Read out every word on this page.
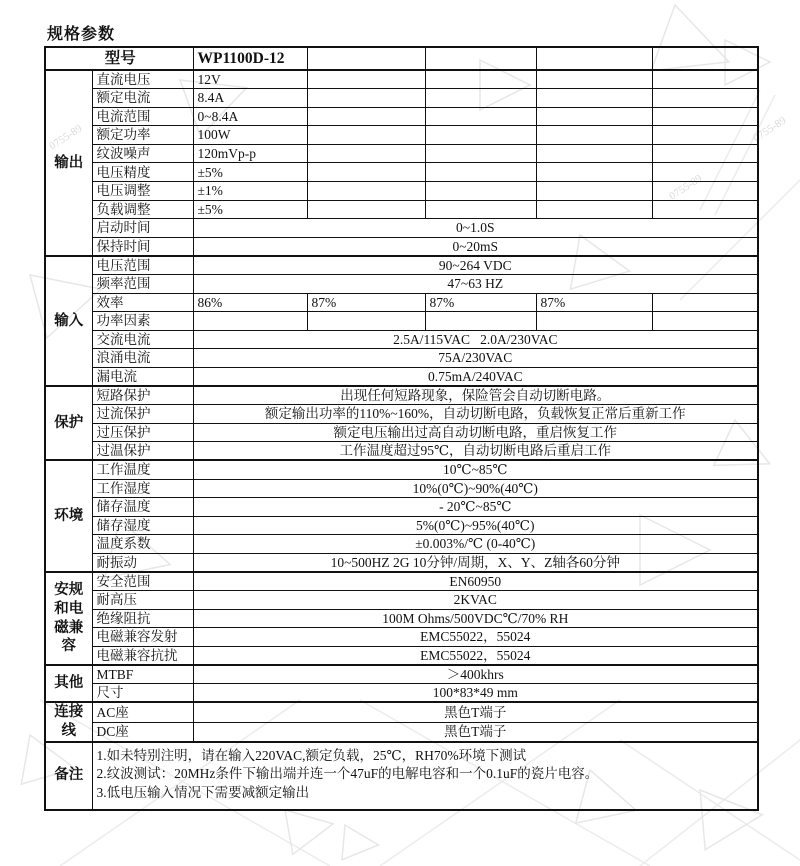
0755-89
0755-89
0755-89
规格参数
型号		WP1100D-12				
输出	直流电压	12V				
	额定电流	8.4A				
	电流范围	0~8.4A				
	额定功率	100W				
	纹波噪声	120mVp-p				
	电压精度	±5%				
	电压调整	±1%				
	负载调整	±5%				
	启动时间	0~1.0S				
	保持时间	0~20mS				
输入	电压范围	90~264 VDC				
	频率范围	47~63 HZ				
	效率	86%	87%	87%	87%	
	功率因素					
	交流电流	2.5A/115VAC   2.0A/230VAC				
	浪涌电流	75A/230VAC				
	漏电流	0.75mA/240VAC				
保护	短路保护	出现任何短路现象，保险管会自动切断电路。				
	过流保护	额定输出功率的110%~160%，自动切断电路，负载恢复正常后重新工作				
	过压保护	额定电压输出过高自动切断电路，重启恢复工作				
	过温保护	工作温度超过95℃，自动切断电路后重启工作				
环境	工作温度	10℃~85℃				
	工作湿度	10%(0℃)~90%(40℃)				
	储存温度	- 20℃~85℃				
	储存湿度	5%(0℃)~95%(40℃)				
	温度系数	±0.003%/℃ (0-40℃)				
	耐振动	10~500HZ 2G 10分钟/周期，X、Y、Z轴各60分钟				
安规和电磁兼容	安全范围	EN60950				
	耐高压	2KVAC				
	绝缘阻抗	100M Ohms/500VDC℃/70% RH				
	电磁兼容发射	EMC55022，55024				
	电磁兼容抗扰	EMC55022，55024				
其他	MTBF	＞400khrs				
	尺寸	100*83*49 mm				
连接线	AC座	黑色T端子				
	DC座	黑色T端子				
备注	1.如未特别注明，请在输入220VAC,额定负载，25℃，RH70%环境下测试
2.纹波测试：20MHz条件下输出端并连一个47uF的电解电容和一个0.1uF的瓷片电容。
3.低电压输入情况下需要减额定输出					
